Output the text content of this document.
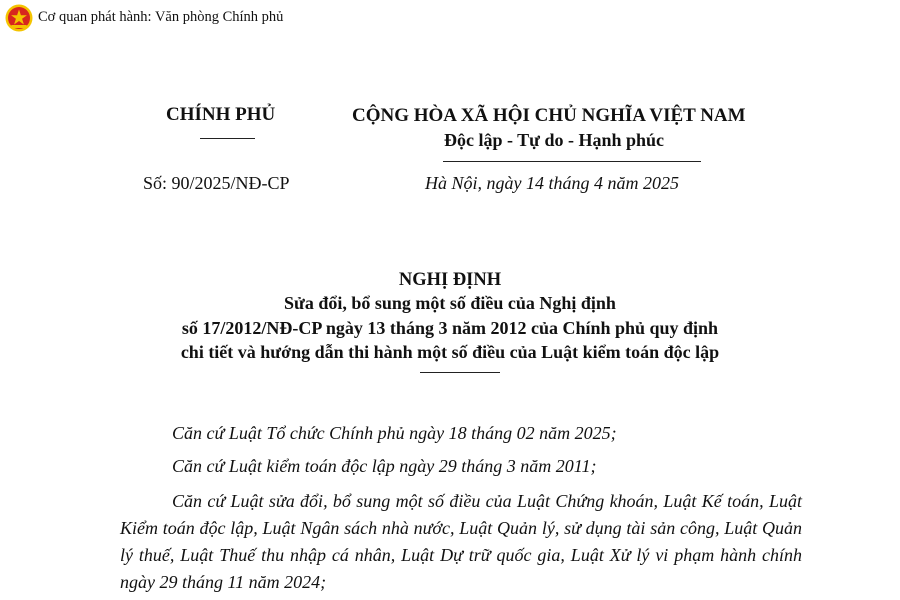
Cơ quan phát hành: Văn phòng Chính phủ
CHÍNH PHỦ	CỘNG HÒA XÃ HỘI CHỦ NGHĨA VIỆT NAM
Độc lập - Tự do - Hạnh phúc
Số: 90/2025/NĐ-CP	Hà Nội, ngày 14 tháng 4 năm 2025
NGHỊ ĐỊNH
Sửa đổi, bổ sung một số điều của Nghị định
số 17/2012/NĐ-CP ngày 13 tháng 3 năm 2012 của Chính phủ quy định
chi tiết và hướng dẫn thi hành một số điều của Luật kiểm toán độc lập
Căn cứ Luật Tổ chức Chính phủ ngày 18 tháng 02 năm 2025;
Căn cứ Luật kiểm toán độc lập ngày 29 tháng 3 năm 2011;
Căn cứ Luật sửa đổi, bổ sung một số điều của Luật Chứng khoán, Luật Kế toán, Luật Kiểm toán độc lập, Luật Ngân sách nhà nước, Luật Quản lý, sử dụng tài sản công, Luật Quản lý thuế, Luật Thuế thu nhập cá nhân, Luật Dự trữ quốc gia, Luật Xử lý vi phạm hành chính ngày 29 tháng 11 năm 2024;
